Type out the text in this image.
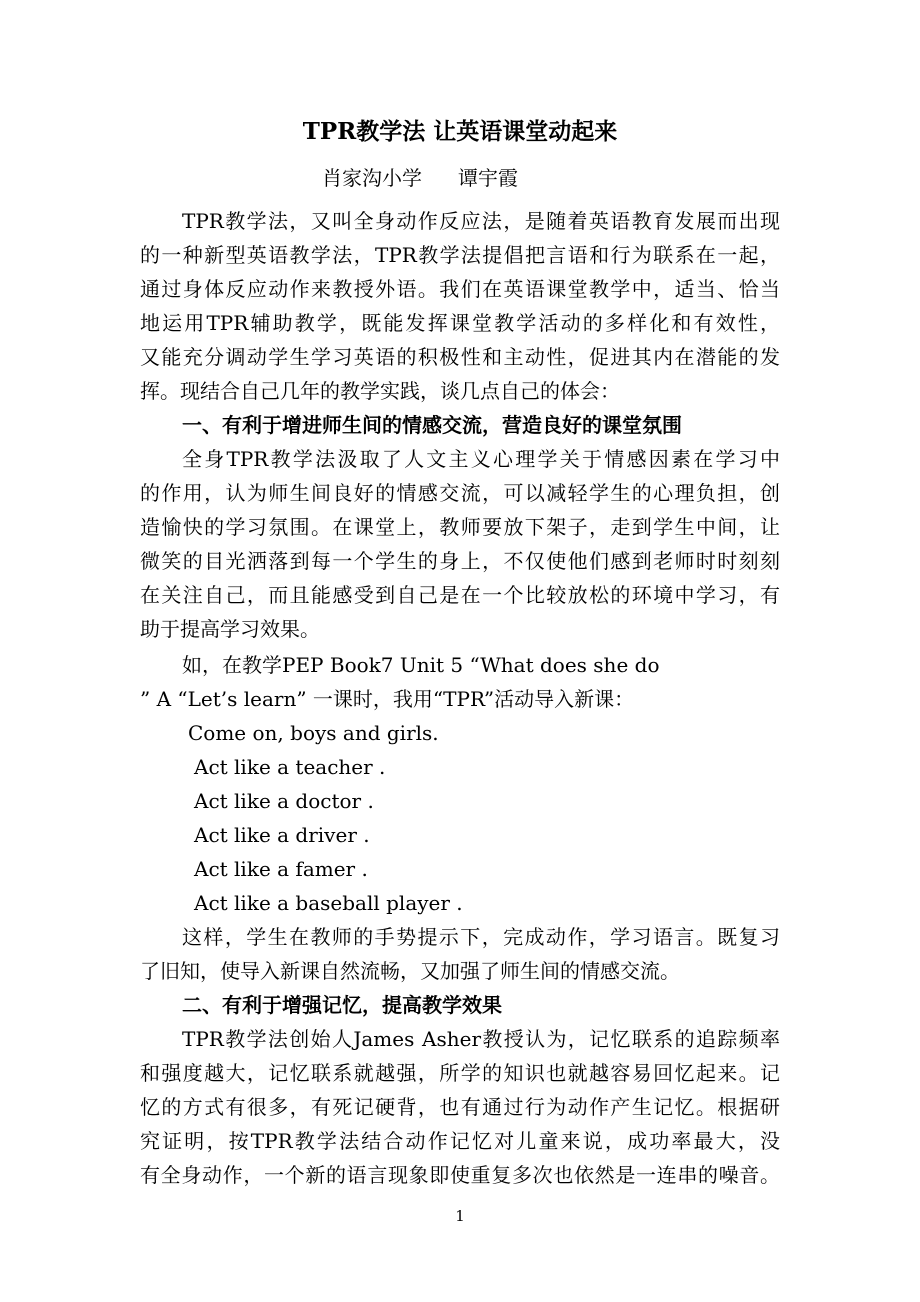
TPR教学法 让英语课堂动起来
肖家沟小学 谭宇霞
TPR教学法，又叫全身动作反应法，是随着英语教育发展而出现
的一种新型英语教学法，TPR教学法提倡把言语和行为联系在一起，
通过身体反应动作来教授外语。我们在英语课堂教学中，适当、恰当
地运用TPR辅助教学，既能发挥课堂教学活动的多样化和有效性，
又能充分调动学生学习英语的积极性和主动性，促进其内在潜能的发
挥。现结合自己几年的教学实践，谈几点自己的体会：
一、有利于增进师生间的情感交流，营造良好的课堂氛围
全身TPR教学法汲取了人文主义心理学关于情感因素在学习中
的作用，认为师生间良好的情感交流，可以减轻学生的心理负担，创
造愉快的学习氛围。在课堂上，教师要放下架子，走到学生中间，让
微笑的目光洒落到每一个学生的身上，不仅使他们感到老师时时刻刻
在关注自己，而且能感受到自己是在一个比较放松的环境中学习，有
助于提高学习效果。
如，在教学PEP Book7 Unit 5 “What does she do
” A “Let’s learn” 一课时，我用“TPR”活动导入新课：
Come on, boys and girls.
Act like a teacher .
Act like a doctor .
Act like a driver .
Act like a famer .
Act like a baseball player .
这样，学生在教师的手势提示下，完成动作，学习语言。既复习
了旧知，使导入新课自然流畅，又加强了师生间的情感交流。
二、有利于增强记忆，提高教学效果
TPR教学法创始人James Asher教授认为，记忆联系的追踪频率
和强度越大，记忆联系就越强，所学的知识也就越容易回忆起来。记
忆的方式有很多，有死记硬背，也有通过行为动作产生记忆。根据研
究证明，按TPR教学法结合动作记忆对儿童来说，成功率最大，没
有全身动作，一个新的语言现象即使重复多次也依然是一连串的噪音。
1
